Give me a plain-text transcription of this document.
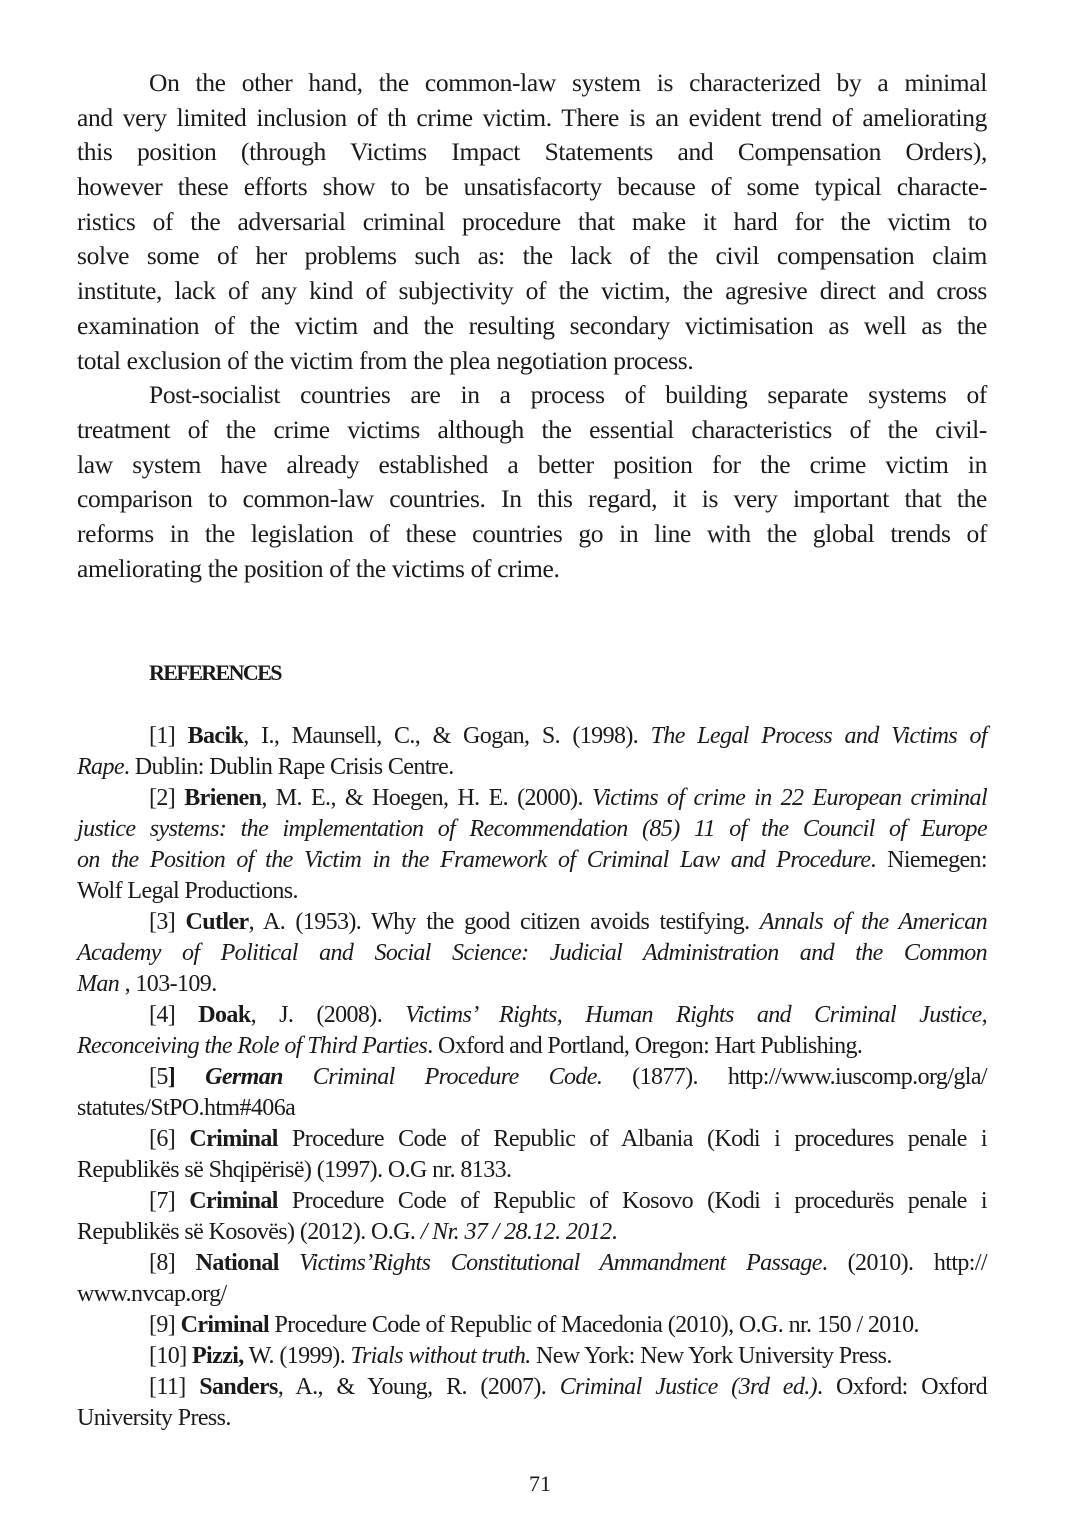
On the other hand, the common-law system is characterized by a minimal
and very limited inclusion of th crime victim. There is an evident trend of ameliorating
this position (through Victims Impact Statements and Compensation Orders),
however these efforts show to be unsatisfacorty because of some typical characte-
ristics of the adversarial criminal procedure that make it hard for the victim to
solve some of her problems such as: the lack of the civil compensation claim
institute, lack of any kind of subjectivity of the victim, the agresive direct and cross
examination of the victim and the resulting secondary victimisation as well as the
total exclusion of the victim from the plea negotiation process.
Post-socialist countries are in a process of building separate systems of
treatment of the crime victims although the essential characteristics of the civil-
law system have already established a better position for the crime victim in
comparison to common-law countries. In this regard, it is very important that the
reforms in the legislation of these countries go in line with the global trends of
ameliorating the position of the victims of crime.
REFERENCES
[1] Bacik, I., Maunsell, C., & Gogan, S. (1998). The Legal Process and Victims of
Rape. Dublin: Dublin Rape Crisis Centre.
[2] Brienen, M. E., & Hoegen, H. E. (2000). Victims of crime in 22 European criminal
justice systems: the implementation of Recommendation (85) 11 of the Council of Europe
on the Position of the Victim in the Framework of Criminal Law and Procedure. Niemegen:
Wolf Legal Productions.
[3] Cutler, A. (1953). Why the good citizen avoids testifying. Annals of the American
Academy of Political and Social Science: Judicial Administration and the Common
Man , 103-109.
[4] Doak, J. (2008). Victims’ Rights, Human Rights and Criminal Justice,
Reconceiving the Role of Third Parties. Oxford and Portland, Oregon: Hart Publishing.
[5] German Criminal Procedure Code. (1877). http://www.iuscomp.org/gla/
statutes/StPO.htm#406a
[6] Criminal Procedure Code of Republic of Albania (Kodi i procedures penale i
Republikës së Shqipërisë) (1997). O.G nr. 8133.
[7] Criminal Procedure Code of Republic of Kosovo (Kodi i procedurës penale i
Republikës së Kosovës) (2012). O.G. / Nr. 37 / 28.12. 2012.
[8] National Victims’Rights Constitutional Ammandment Passage. (2010). http://
www.nvcap.org/
[9] Criminal Procedure Code of Republic of Macedonia (2010), O.G. nr. 150 / 2010.
[10] Pizzi, W. (1999). Trials without truth. New York: New York University Press.
[11] Sanders, A., & Young, R. (2007). Criminal Justice (3rd ed.). Oxford: Oxford
University Press.
71
